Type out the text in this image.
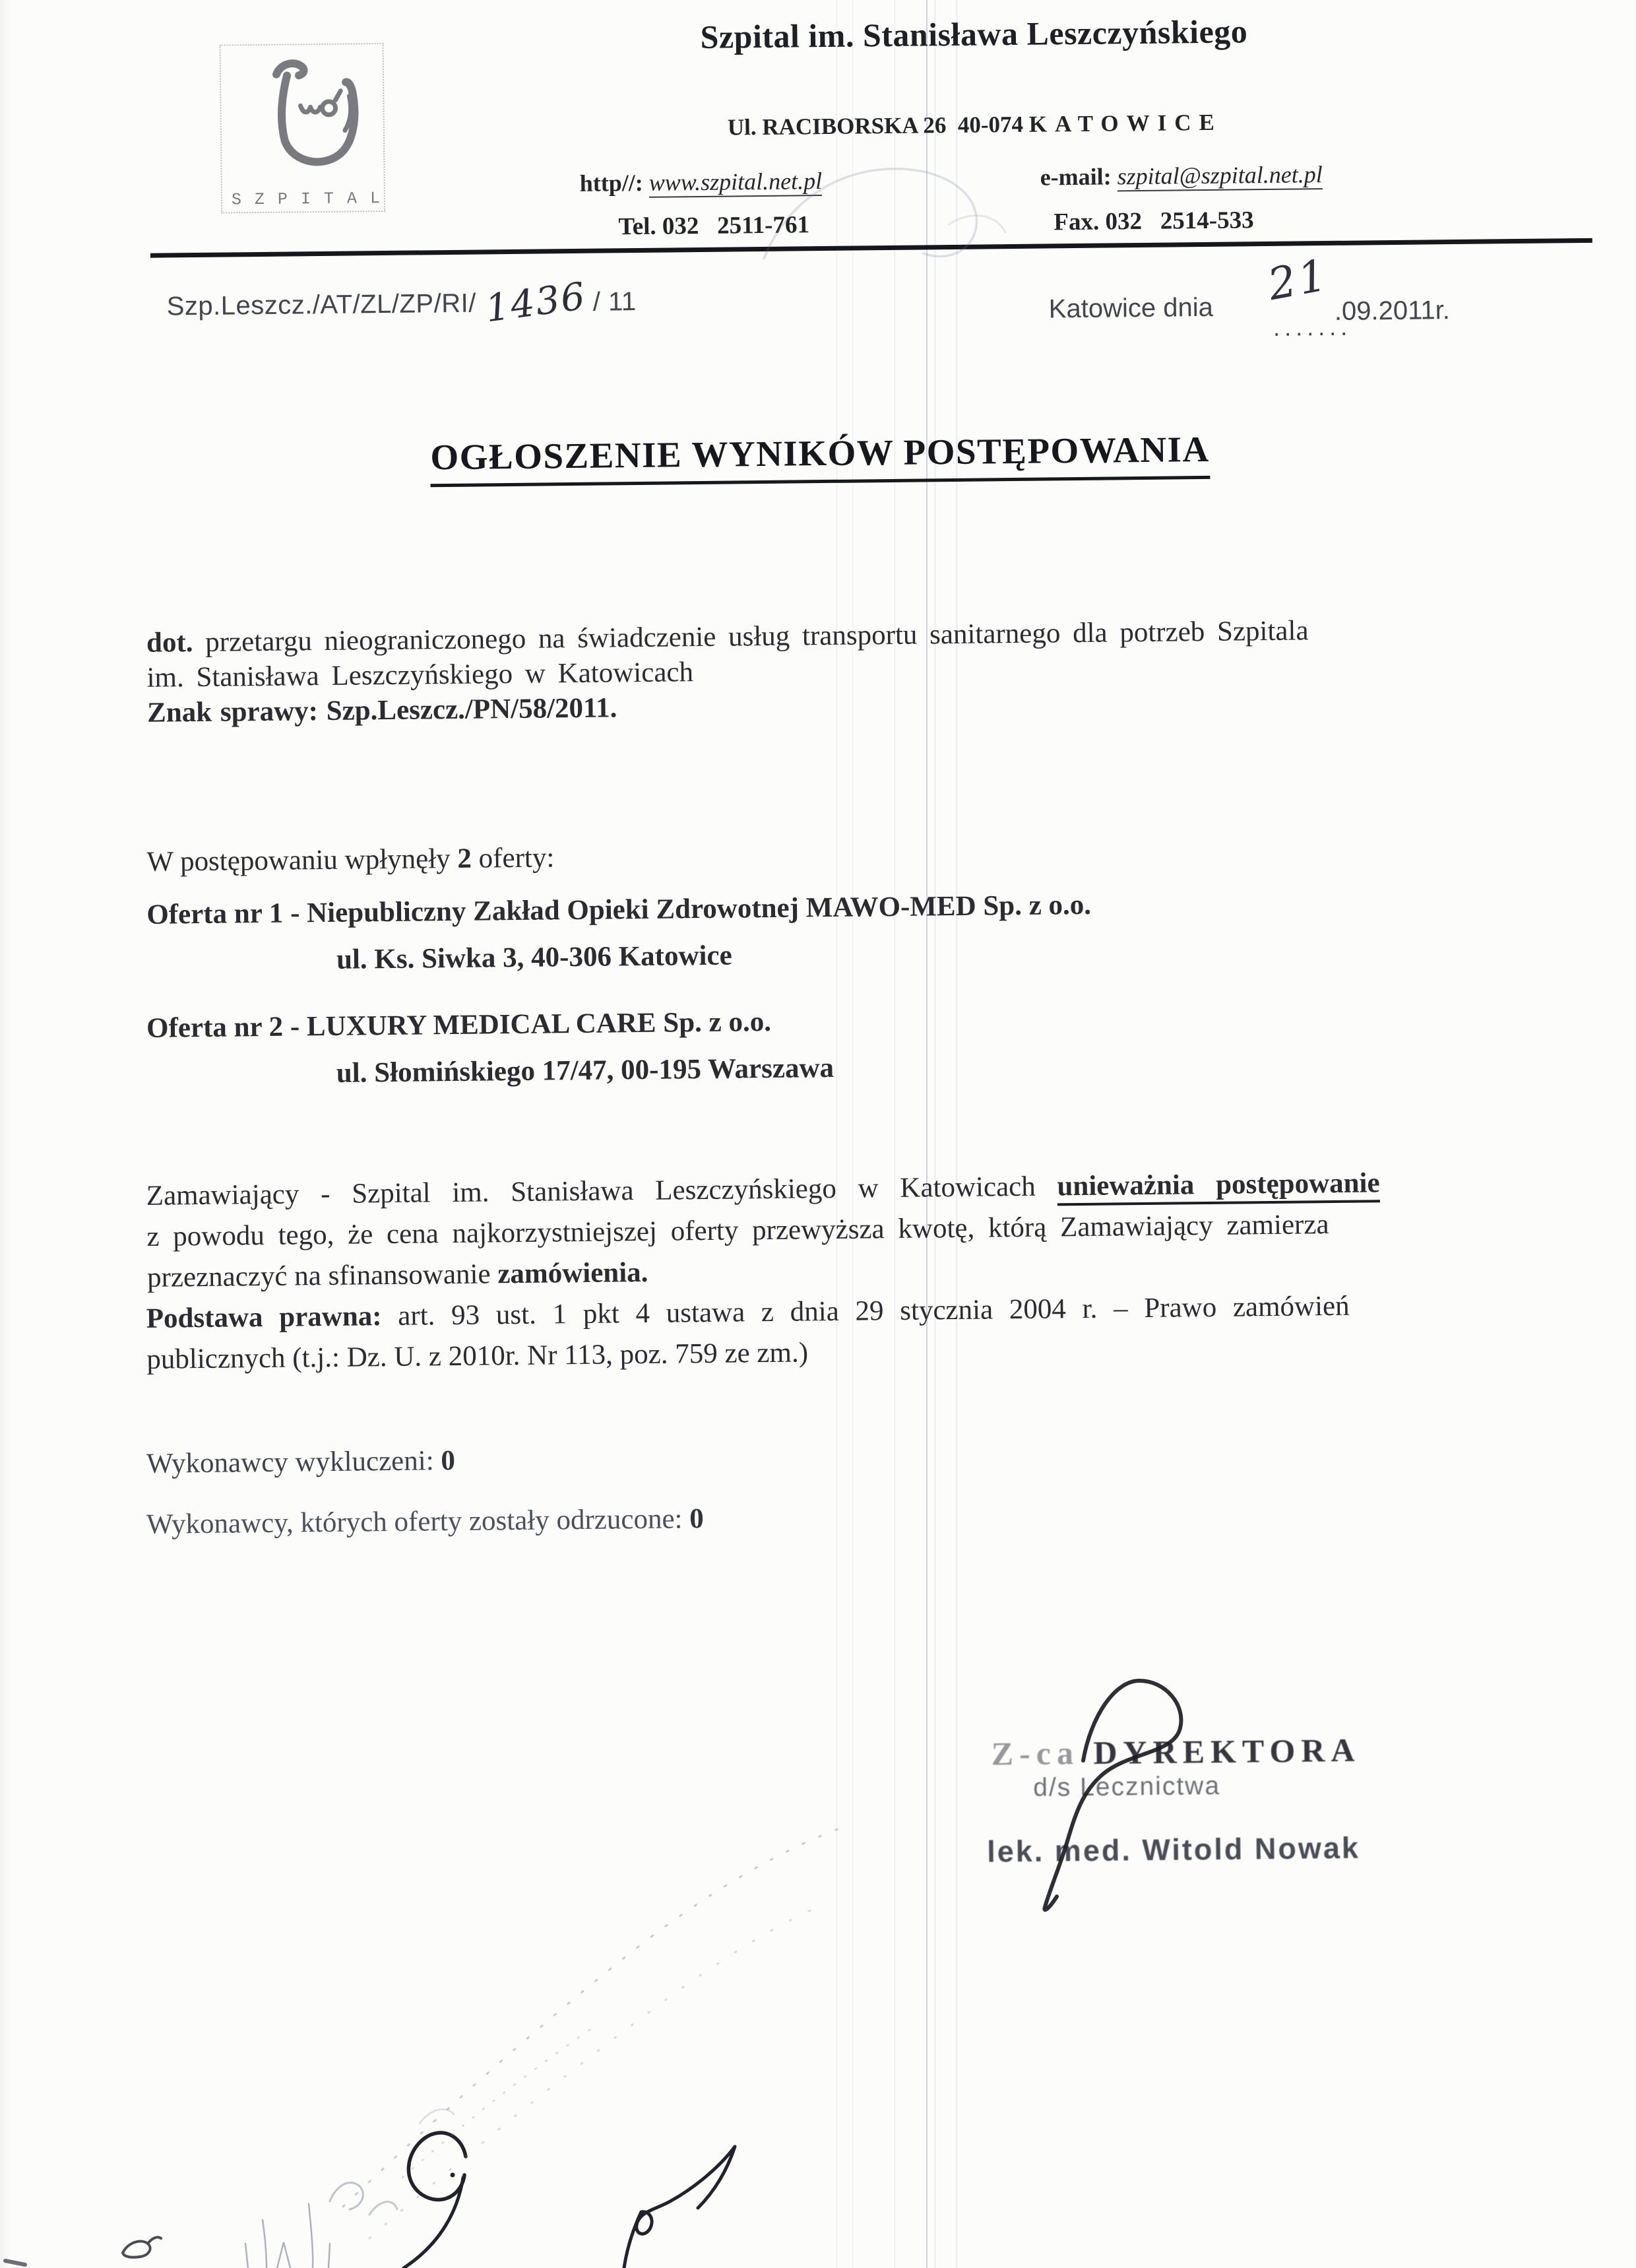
SZPITAL
Szpital im. Stanisława Leszczyńskiego
Ul. RACIBORSKA 26  40-074 KATOWICE
http//: www.szpital.net.pl	e-mail: szpital@szpital.net.pl
Tel. 032   2511-761	Fax. 032   2514-533
Szp.Leszcz./AT/ZL/ZP/RI/ 1436 / 11	Katowice dnia 21
.......
.09.2011r.
OGŁOSZENIE WYNIKÓW POSTĘPOWANIA
dot. przetargu nieograniczonego na świadczenie usług transportu sanitarnego dla potrzeb Szpitala
im. Stanisława Leszczyńskiego w Katowicach
Znak sprawy: Szp.Leszcz./PN/58/2011.
W postępowaniu wpłynęły 2 oferty:
Oferta nr 1 - Niepubliczny Zakład Opieki Zdrowotnej MAWO-MED Sp. z o.o.
ul. Ks. Siwka 3, 40-306 Katowice
Oferta nr 2 - LUXURY MEDICAL CARE Sp. z o.o.
ul. Słomińskiego 17/47, 00-195 Warszawa
Zamawiający - Szpital im. Stanisława Leszczyńskiego w Katowicach unieważnia postępowanie
z powodu tego, że cena najkorzystniejszej oferty przewyższa kwotę, którą Zamawiający zamierza
przeznaczyć na sfinansowanie zamówienia.
Podstawa prawna: art. 93 ust. 1 pkt 4 ustawa z dnia 29 stycznia 2004 r. – Prawo zamówień
publicznych (t.j.: Dz. U. z 2010r. Nr 113, poz. 759 ze zm.)
Wykonawcy wykluczeni: 0
Wykonawcy, których oferty zostały odrzucone: 0
Z-ca DYREKTORA
d/s Lecznictwa
lek. med. Witold Nowak
